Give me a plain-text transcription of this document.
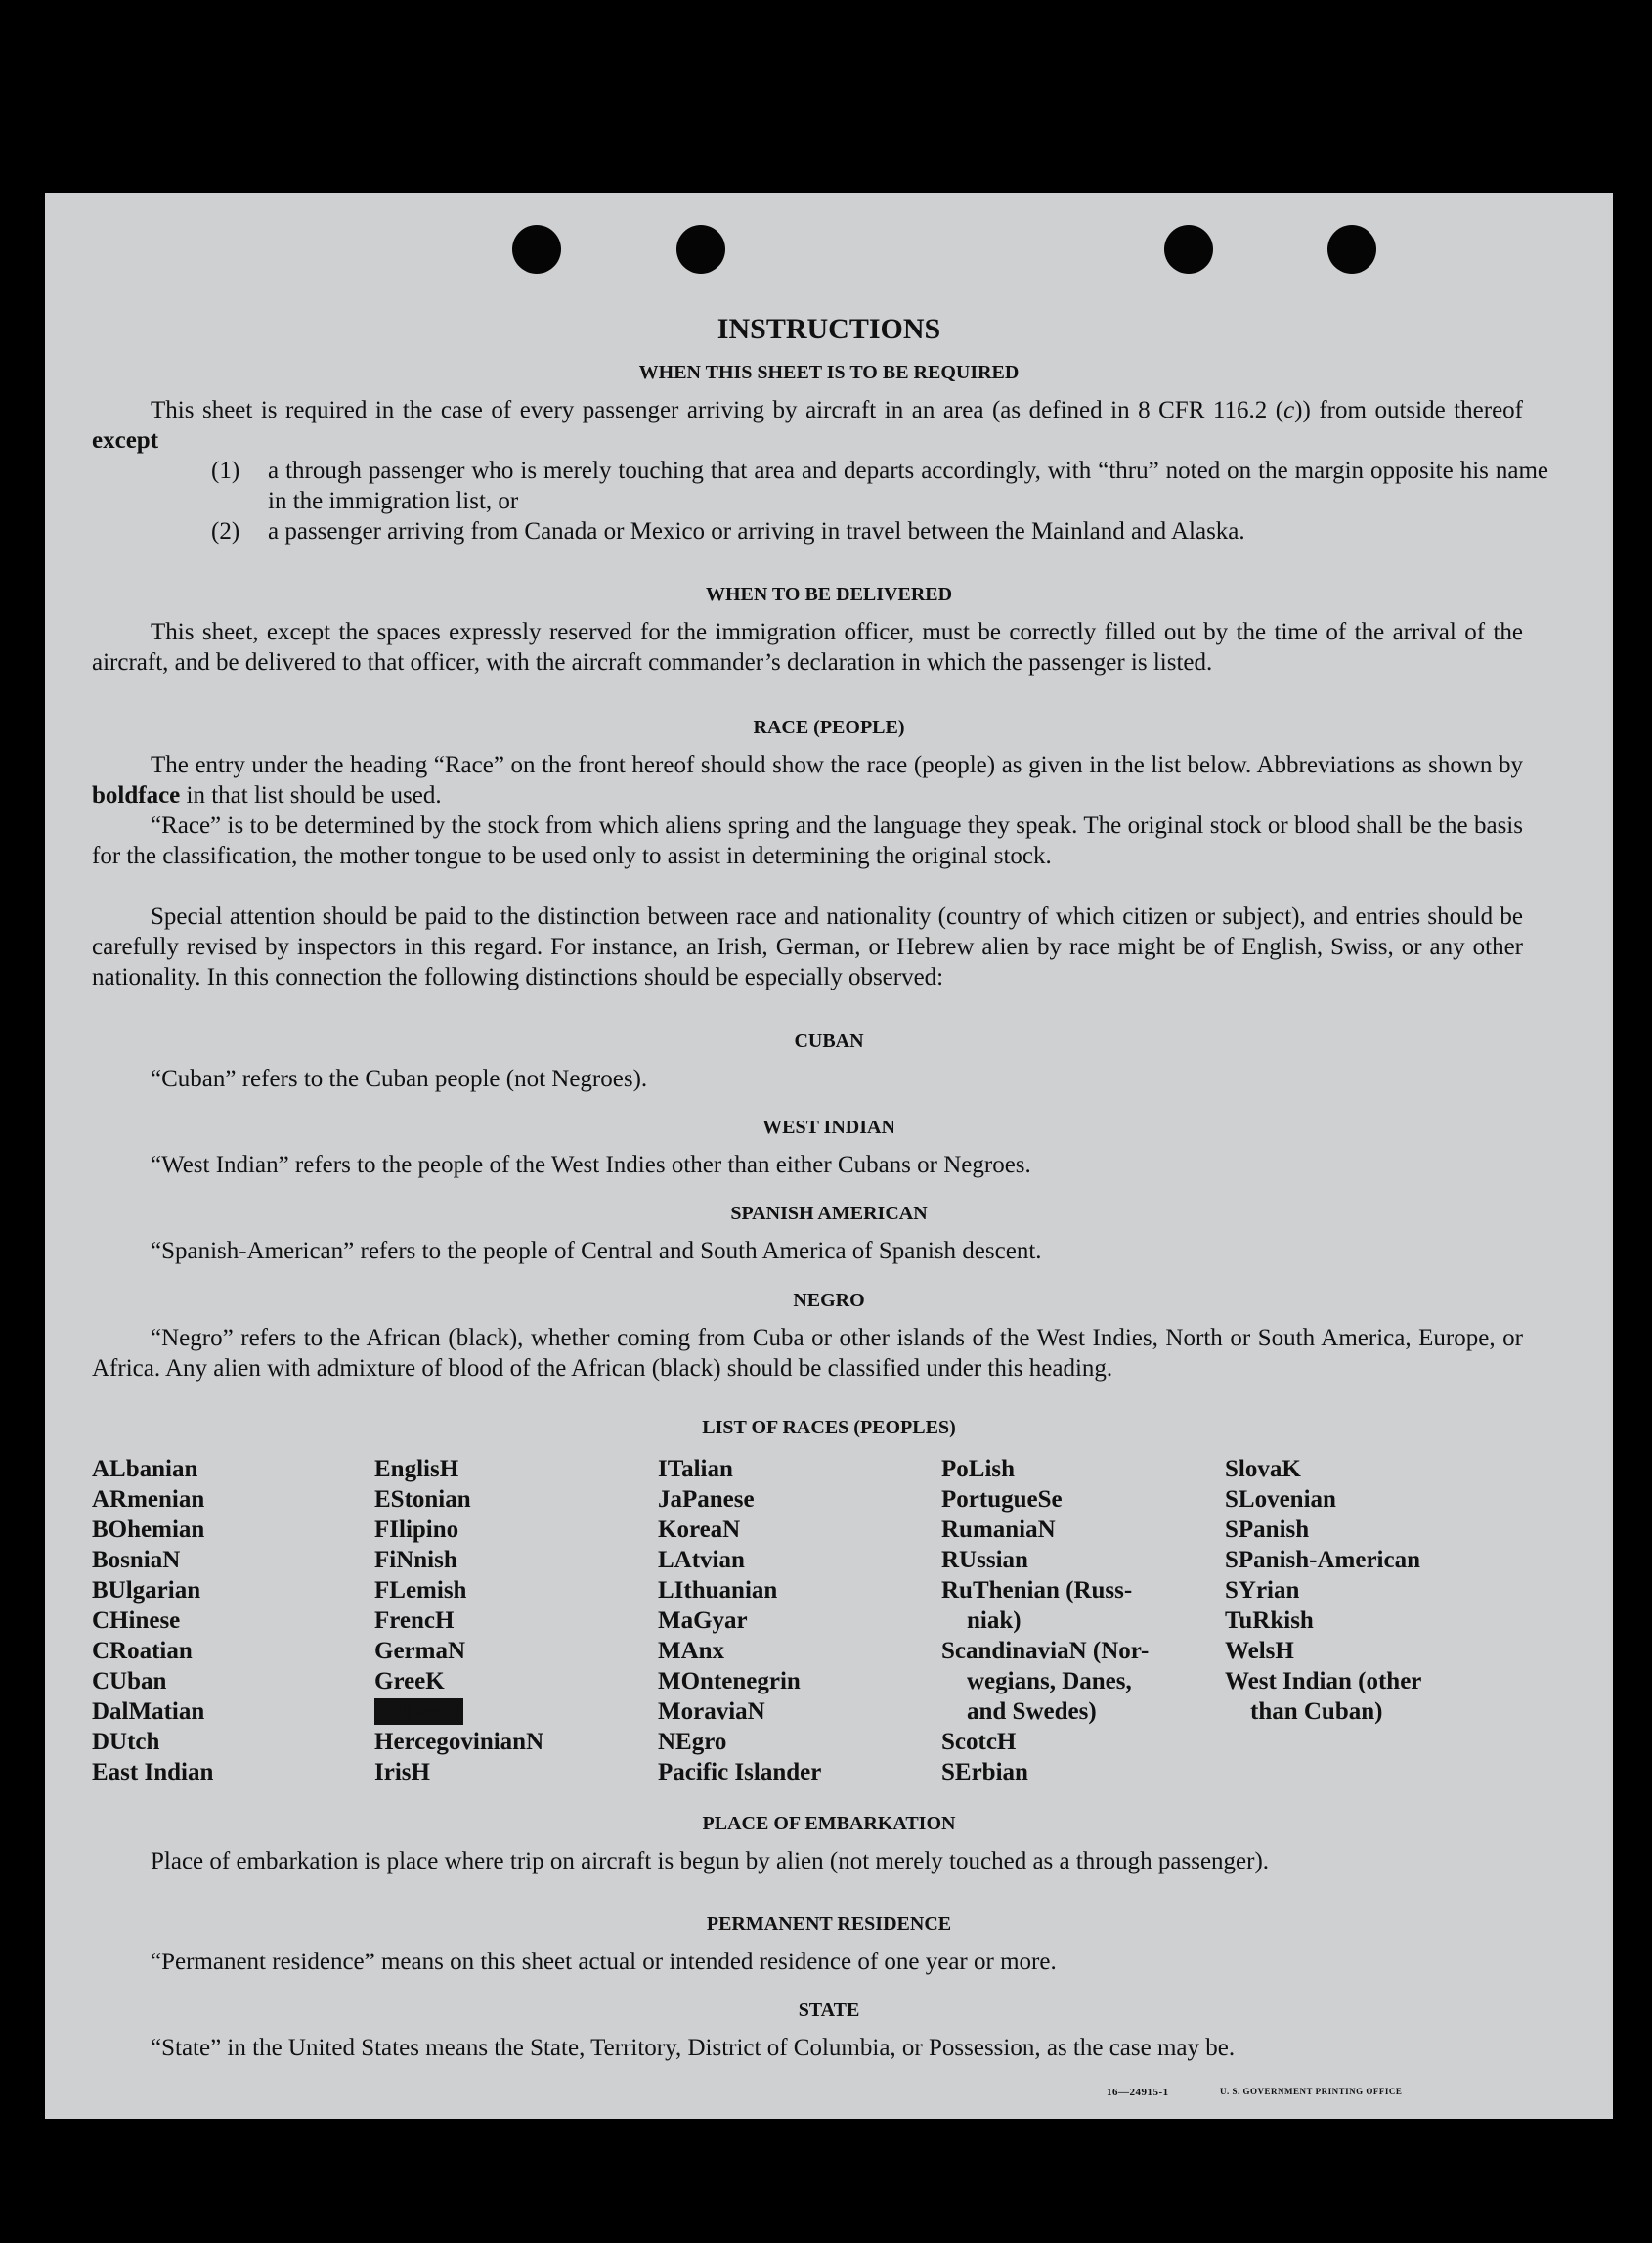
INSTRUCTIONS
WHEN THIS SHEET IS TO BE REQUIRED
This sheet is required in the case of every passenger arriving by aircraft in an area (as defined in 8 CFR 116.2 (c)) from outside thereof except
(1) a through passenger who is merely touching that area and departs accordingly, with “thru” noted on the margin opposite his name in the immigration list, or
(2) a passenger arriving from Canada or Mexico or arriving in travel between the Mainland and Alaska.
WHEN TO BE DELIVERED
This sheet, except the spaces expressly reserved for the immigration officer, must be correctly filled out by the time of the arrival of the aircraft, and be delivered to that officer, with the aircraft commander’s declaration in which the passenger is listed.
RACE (PEOPLE)
The entry under the heading “Race” on the front hereof should show the race (people) as given in the list below. Abbreviations as shown by boldface in that list should be used.
“Race” is to be determined by the stock from which aliens spring and the language they speak. The original stock or blood shall be the basis for the classification, the mother tongue to be used only to assist in determining the original stock.
Special attention should be paid to the distinction between race and nationality (country of which citizen or subject), and entries should be carefully revised by inspectors in this regard. For instance, an Irish, German, or Hebrew alien by race might be of English, Swiss, or any other nationality. In this connection the following distinctions should be especially observed:
CUBAN
“Cuban” refers to the Cuban people (not Negroes).
WEST INDIAN
“West Indian” refers to the people of the West Indies other than either Cubans or Negroes.
SPANISH AMERICAN
“Spanish-American” refers to the people of Central and South America of Spanish descent.
NEGRO
“Negro” refers to the African (black), whether coming from Cuba or other islands of the West Indies, North or South America, Europe, or Africa. Any alien with admixture of blood of the African (black) should be classified under this heading.
LIST OF RACES (PEOPLES)
ALbanian
ARmenian
BOhemian
BosniaN
BUlgarian
CHinese
CRoatian
CUban
DalMatian
DUtch
East Indian
EnglisH
EStonian
FIlipino
FiNnish
FLemish
FrencH
GermaN
GreeK
HebreW
HercegovinianN
IrisH
ITalian
JaPanese
KoreaN
LAtvian
LIthuanian
MaGyar
MAnx
MOntenegrin
MoraviaN
NEgro
Pacific Islander
PoLish
PortugueSe
RumaniaN
RUssian
RuThenian (Russ-
niak)
ScandinaviaN (Nor-
wegians, Danes,
and Swedes)
ScotcH
SErbian
SlovaK
SLovenian
SPanish
SPanish-American
SYrian
TuRkish
WelsH
West Indian (other
than Cuban)
PLACE OF EMBARKATION
Place of embarkation is place where trip on aircraft is begun by alien (not merely touched as a through passenger).
PERMANENT RESIDENCE
“Permanent residence” means on this sheet actual or intended residence of one year or more.
STATE
“State” in the United States means the State, Territory, District of Columbia, or Possession, as the case may be.
16—24915-1	U. S. GOVERNMENT PRINTING OFFICE
